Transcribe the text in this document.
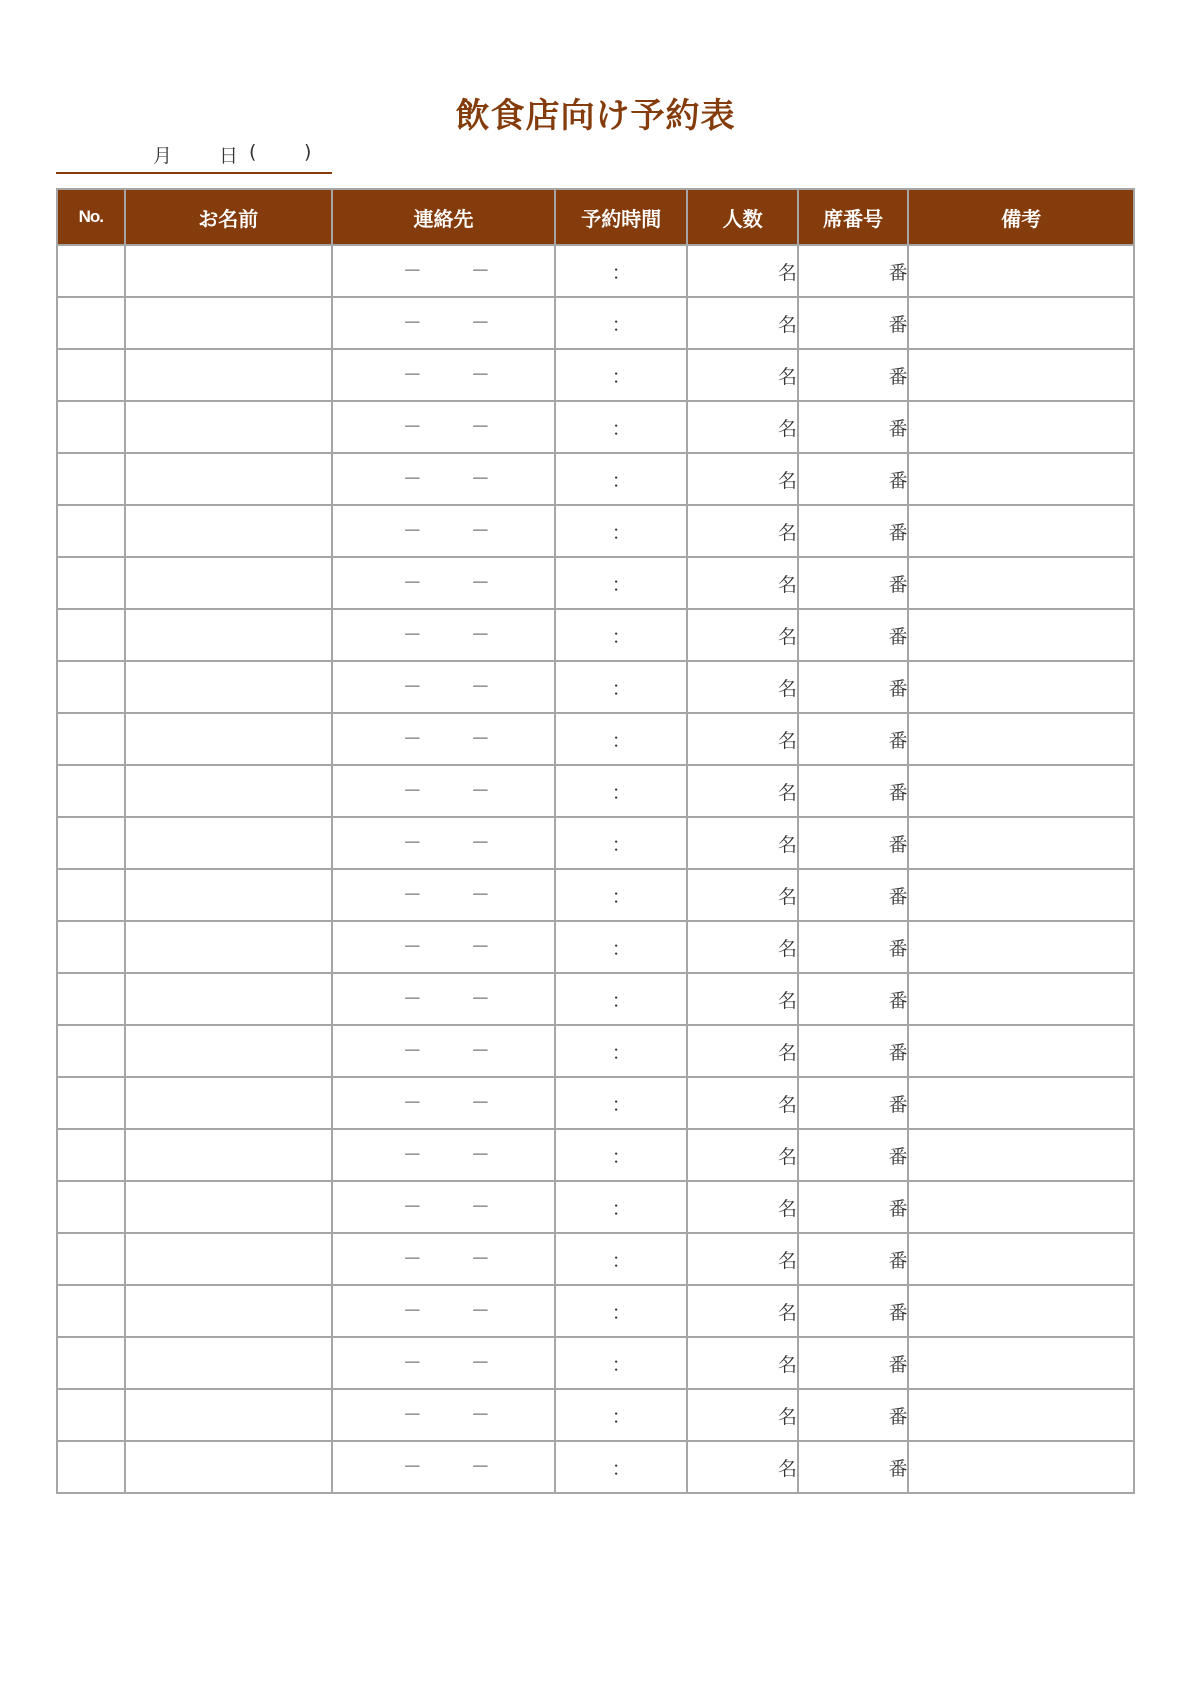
飲食店向け予約表
月 日 (	)
No.	お名前	連絡先	予約時間	人数	席番号	備考

		－ －	：	名	番	

		－ －	：	名	番	

		－ －	：	名	番	

		－ －	：	名	番	

		－ －	：	名	番	

		－ －	：	名	番	

		－ －	：	名	番	

		－ －	：	名	番	

		－ －	：	名	番	

		－ －	：	名	番	

		－ －	：	名	番	

		－ －	：	名	番	

		－ －	：	名	番	

		－ －	：	名	番	

		－ －	：	名	番	

		－ －	：	名	番	

		－ －	：	名	番	

		－ －	：	名	番	

		－ －	：	名	番	

		－ －	：	名	番	

		－ －	：	名	番	

		－ －	：	名	番	

		－ －	：	名	番	

		－ －	：	名	番	
